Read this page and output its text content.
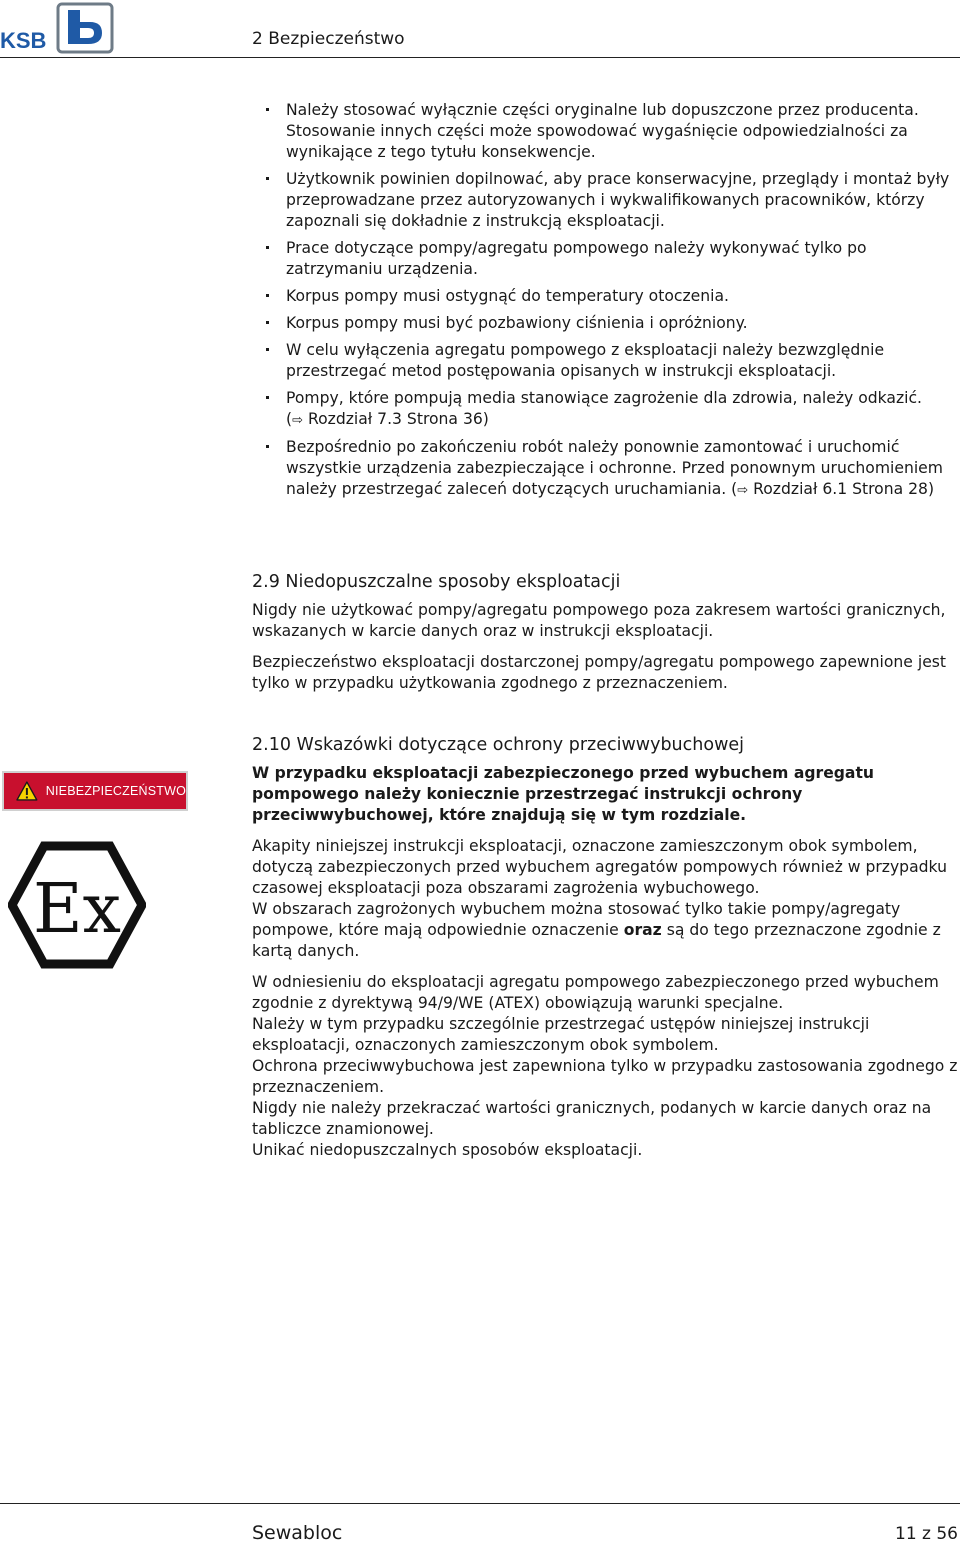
KSB	2 Bezpieczeństwo
Należy stosować wyłącznie części oryginalne lub dopuszczone przez producenta. Stosowanie innych części może spowodować wygaśnięcie odpowiedzialności za wynikające z tego tytułu konsekwencje.
Użytkownik powinien dopilnować, aby prace konserwacyjne, przeglądy i montaż były przeprowadzane przez autoryzowanych i wykwalifikowanych pracowników, którzy zapoznali się dokładnie z instrukcją eksploatacji.
Prace dotyczące pompy/agregatu pompowego należy wykonywać tylko po zatrzymaniu urządzenia.
Korpus pompy musi ostygnąć do temperatury otoczenia.
Korpus pompy musi być pozbawiony ciśnienia i opróżniony.
W celu wyłączenia agregatu pompowego z eksploatacji należy bezwzględnie przestrzegać metod postępowania opisanych w instrukcji eksploatacji.
Pompy, które pompują media stanowiące zagrożenie dla zdrowia, należy odkazić. (⇨ Rozdział 7.3 Strona 36)
Bezpośrednio po zakończeniu robót należy ponownie zamontować i uruchomić wszystkie urządzenia zabezpieczające i ochronne. Przed ponownym uruchomieniem należy przestrzegać zaleceń dotyczących uruchamiania. (⇨ Rozdział 6.1 Strona 28)
2.9 Niedopuszczalne sposoby eksploatacji

Nigdy nie użytkować pompy/agregatu pompowego poza zakresem wartości granicznych, wskazanych w karcie danych oraz w instrukcji eksploatacji.

Bezpieczeństwo eksploatacji dostarczonej pompy/agregatu pompowego zapewnione jest tylko w przypadku użytkowania zgodnego z przeznaczeniem.

NIEBEZPIECZEŃSTWO
Ex
2.10 Wskazówki dotyczące ochrony przeciwwybuchowej

W przypadku eksploatacji zabezpieczonego przed wybuchem agregatu pompowego należy koniecznie przestrzegać instrukcji ochrony przeciwwybuchowej, które znajdują się w tym rozdziale.

Akapity niniejszej instrukcji eksploatacji, oznaczone zamieszczonym obok symbolem, dotyczą zabezpieczonych przed wybuchem agregatów pompowych również w przypadku czasowej eksploatacji poza obszarami zagrożenia wybuchowego.

W obszarach zagrożonych wybuchem można stosować tylko takie pompy/agregaty pompowe, które mają odpowiednie oznaczenie oraz są do tego przeznaczone zgodnie z kartą danych.

W odniesieniu do eksploatacji agregatu pompowego zabezpieczonego przed wybuchem zgodnie z dyrektywą 94/9/WE (ATEX) obowiązują warunki specjalne.

Należy w tym przypadku szczególnie przestrzegać ustępów niniejszej instrukcji eksploatacji, oznaczonych zamieszczonym obok symbolem.

Ochrona przeciwwybuchowa jest zapewniona tylko w przypadku zastosowania zgodnego z przeznaczeniem.

Nigdy nie należy przekraczać wartości granicznych, podanych w karcie danych oraz na tabliczce znamionowej.

Unikać niedopuszczalnych sposobów eksploatacji.

Sewabloc	11 z 56
